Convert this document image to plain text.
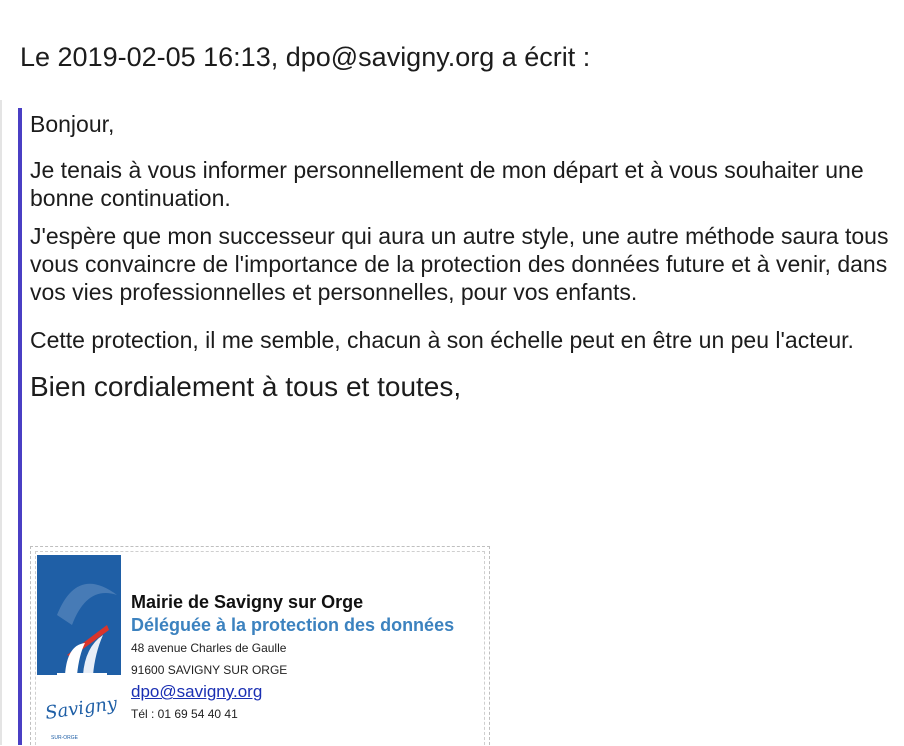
Le 2019-02-05 16:13, dpo@savigny.org a écrit :

Bonjour,

Je tenais à vous informer personnellement de mon départ et à vous souhaiter une bonne continuation.

J'espère que mon successeur qui aura un autre style, une autre méthode saura tous vous convaincre de l'importance de la protection des données future et à venir, dans vos vies professionnelles et personnelles, pour vos enfants.

Cette protection, il me semble, chacun à son échelle peut en être un peu l'acteur.

Bien cordialement à tous et toutes,

Savigny
SUR-ORGE
Mairie de Savigny sur Orge
Déléguée à la protection des données
48 avenue Charles de Gaulle
91600 SAVIGNY SUR ORGE
dpo@savigny.org
Tél : 01 69 54 40 41
